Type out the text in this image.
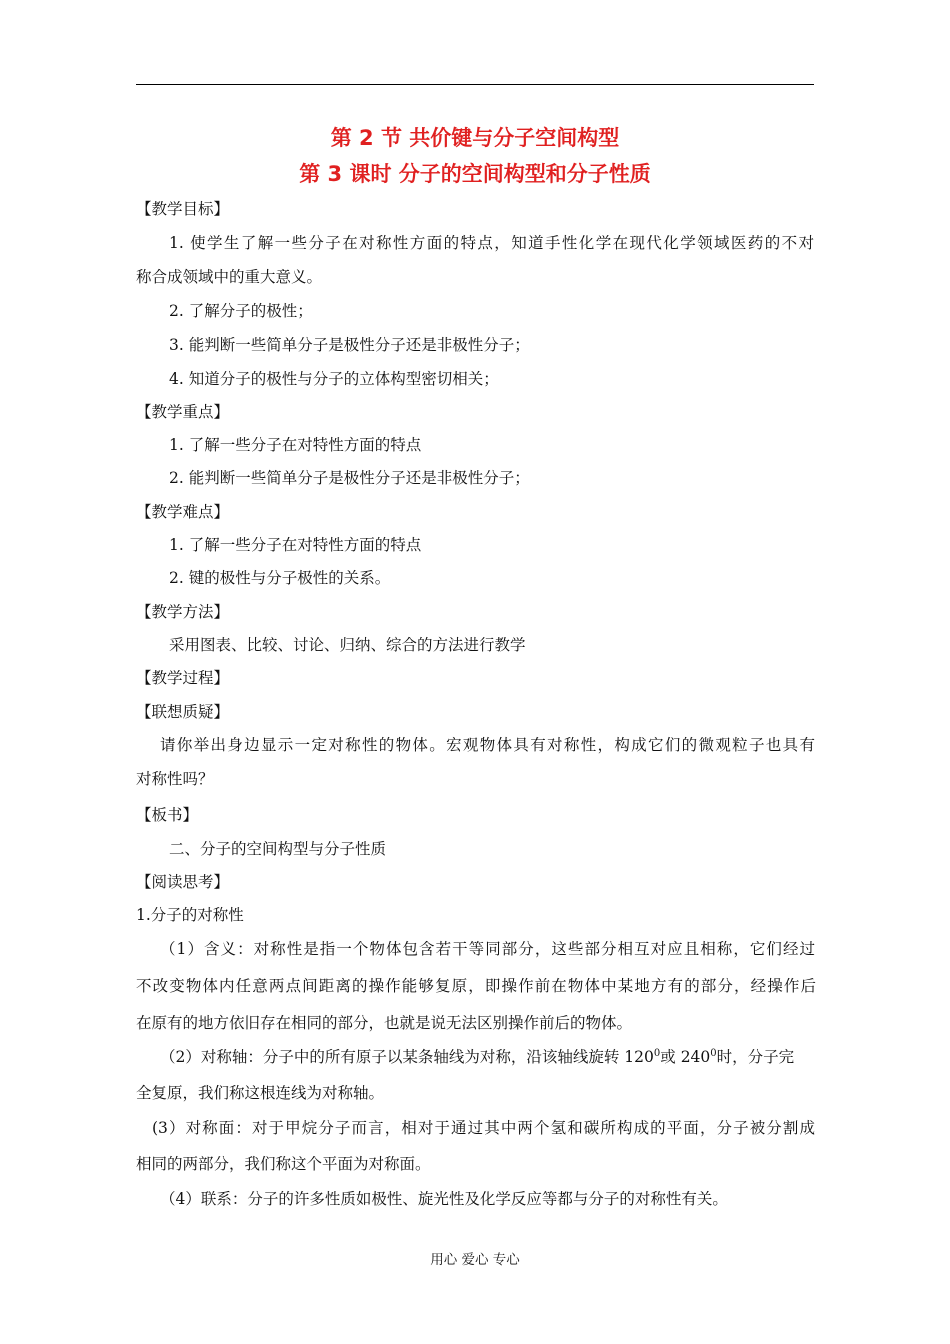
第 2 节 共价键与分子空间构型
第 3 课时 分子的空间构型和分子性质
【教学目标】
1. 使学生了解一些分子在对称性方面的特点，知道手性化学在现代化学领域医药的不对
称合成领域中的重大意义。
2. 了解分子的极性；
3. 能判断一些简单分子是极性分子还是非极性分子；
4. 知道分子的极性与分子的立体构型密切相关；
【教学重点】
1. 了解一些分子在对特性方面的特点
2. 能判断一些简单分子是极性分子还是非极性分子；
【教学难点】
1. 了解一些分子在对特性方面的特点
2. 键的极性与分子极性的关系。
【教学方法】
采用图表、比较、讨论、归纳、综合的方法进行教学
【教学过程】
【联想质疑】
请你举出身边显示一定对称性的物体。宏观物体具有对称性，构成它们的微观粒子也具有
对称性吗？
【板书】
二、分子的空间构型与分子性质
【阅读思考】
1.分子的对称性
（1）含义：对称性是指一个物体包含若干等同部分，这些部分相互对应且相称，它们经过
不改变物体内任意两点间距离的操作能够复原，即操作前在物体中某地方有的部分，经操作后
在原有的地方依旧存在相同的部分，也就是说无法区别操作前后的物体。
（2）对称轴：分子中的所有原子以某条轴线为对称，沿该轴线旋转 $120^0$或 $240^0$时，分子完
全复原，我们称这根连线为对称轴。
(3）对称面：对于甲烷分子而言，相对于通过其中两个氢和碳所构成的平面，分子被分割成
相同的两部分，我们称这个平面为对称面。
（4）联系：分子的许多性质如极性、旋光性及化学反应等都与分子的对称性有关。
用心 爱心 专心
